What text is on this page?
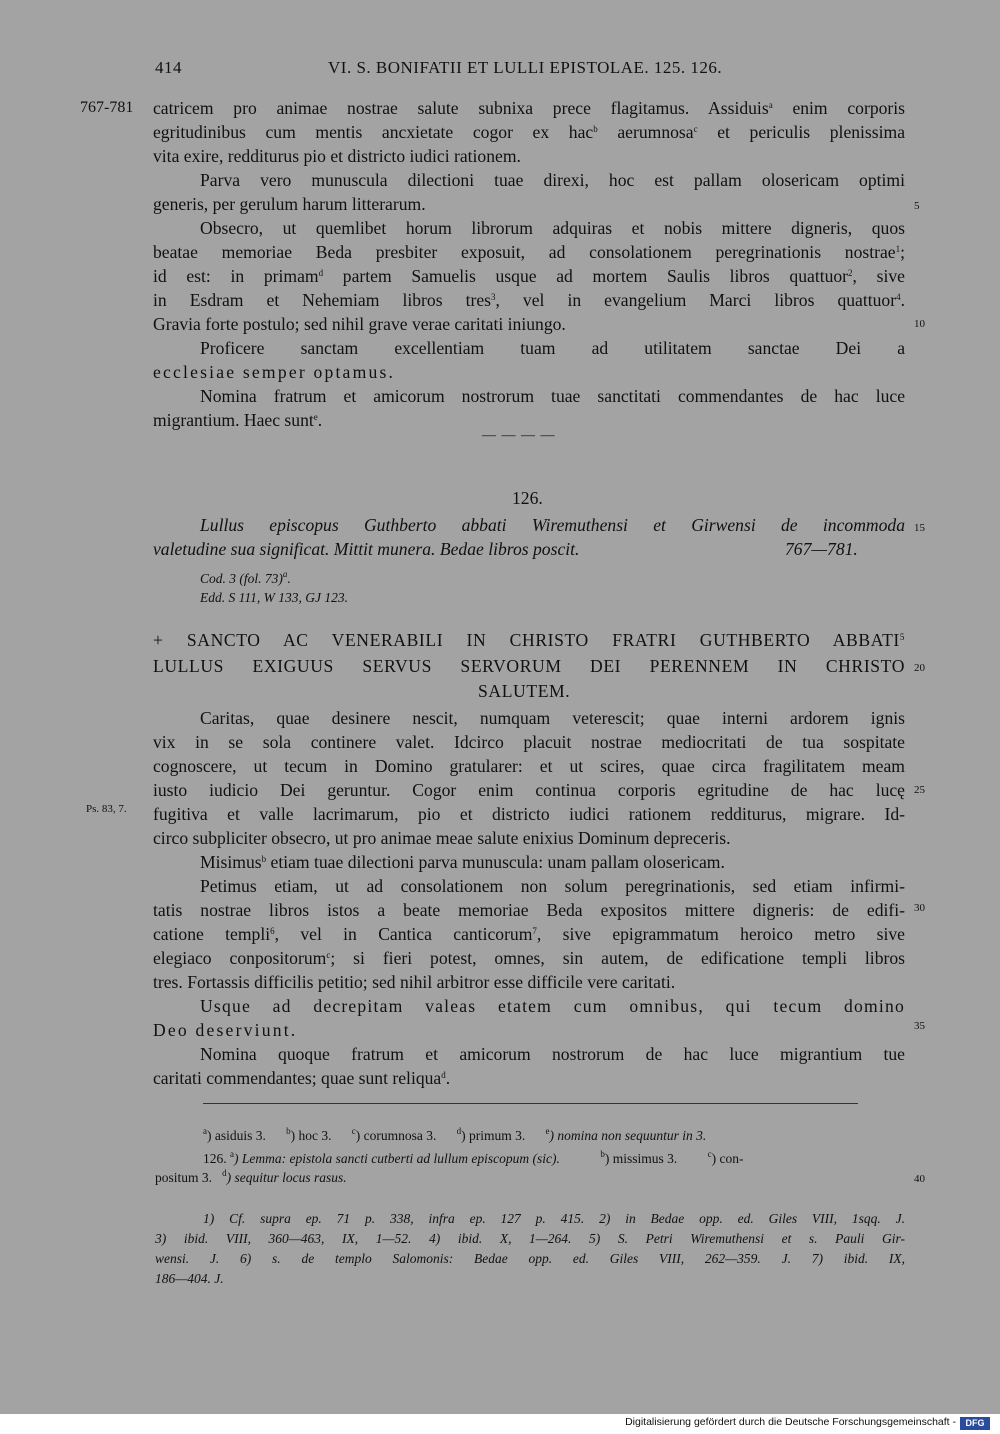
414	VI. S. BONIFATII ET LULLI EPISTOLAE. 125. 126.
767-781
Ps. 83, 7.
5
10
15
20
25
30
35
40
catricem pro animae nostrae salute subnixa prece flagitamus. Assiduis$^a$ enim corporis
egritudinibus cum mentis ancxietate cogor ex hac$^b$ aerumnosa$^c$ et periculis plenissima
vita exire, redditurus pio et districto iudici rationem.
Parva vero munuscula dilectioni tuae direxi, hoc est pallam olosericam optimi
generis, per gerulum harum litterarum.
Obsecro, ut quemlibet horum librorum adquiras et nobis mittere digneris, quos
beatae memoriae Beda presbiter exposuit, ad consolationem peregrinationis nostrae$^1$;
id est: in primam$^d$ partem Samuelis usque ad mortem Saulis libros quattuor$^2$, sive
in Esdram et Nehemiam libros tres$^3$, vel in evangelium Marci libros quattuor$^4$.
Gravia forte postulo; sed nihil grave verae caritati iniungo.
Proficere sanctam excellentiam tuam ad utilitatem sanctae Dei a
ecclesiae semper optamus.
Nomina fratrum et amicorum nostrorum tuae sanctitati commendantes de hac luce
migrantium. Haec sunt$^e$.
— — — —
126.
Lullus episcopus Guthberto abbati Wiremuthensi et Girwensi de incommoda
valetudine sua significat. Mittit munera. Bedae libros poscit.	767—781.
Cod. 3 (fol. 73)$^a$.
Edd. S 111, W 133, GJ 123.
+ SANCTO AC VENERABILI IN CHRISTO FRATRI GUTHBERTO ABBATI$^5$
LULLUS EXIGUUS SERVUS SERVORUM DEI PERENNEM IN CHRISTO
SALUTEM.
Caritas, quae desinere nescit, numquam veterescit; quae interni ardorem ignis
vix in se sola continere valet. Idcirco placuit nostrae mediocritati de tua sospitate
cognoscere, ut tecum in Domino gratularer: et ut scires, quae circa fragilitatem meam
iusto iudicio Dei geruntur. Cogor enim continua corporis egritudine de hac lucę
fugitiva et valle lacrimarum, pio et districto iudici rationem redditurus, migrare. Id-
circo subpliciter obsecro, ut pro animae meae salute enixius Dominum depreceris.
Misimus$^b$ etiam tuae dilectioni parva munuscula: unam pallam olosericam.
Petimus etiam, ut ad consolationem non solum peregrinationis, sed etiam infirmi-
tatis nostrae libros istos a beate memoriae Beda expositos mittere digneris: de edifi-
catione templi$^6$, vel in Cantica canticorum$^7$, sive epigrammatum heroico metro sive
elegiaco conpositorum$^c$; si fieri potest, omnes, sin autem, de edificatione templi libros
tres. Fortassis difficilis petitio; sed nihil arbitror esse difficile vere caritati.
Usque ad decrepitam valeas etatem cum omnibus, qui tecum domino
Deo deserviunt.
Nomina quoque fratrum et amicorum nostrorum de hac luce migrantium tue
caritati commendantes; quae sunt reliqua$^d$.
$^a$) asiduis 3. $^b$) hoc 3. $^c$) corumnosa 3. $^d$) primum 3. $^e$) nomina non sequuntur in 3.
126. $^a$) Lemma: epistola sancti cutberti ad lullum episcopum (sic).	$^b$) missimus 3.	$^c$) con-
positum 3. $^d$) sequitur locus rasus.
1) Cf. supra ep. 71 p. 338, infra ep. 127 p. 415. 2) in Bedae opp. ed. Giles VIII, 1sqq. J.
3) ibid. VIII, 360—463, IX, 1—52. 4) ibid. X, 1—264. 5) S. Petri Wiremuthensi et s. Pauli Gir-
wensi. J. 6) s. de templo Salomonis: Bedae opp. ed. Giles VIII, 262—359. J. 7) ibid. IX,
186—404. J.
Digitalisierung gefördert durch die Deutsche Forschungsgemeinschaft -	DFG
